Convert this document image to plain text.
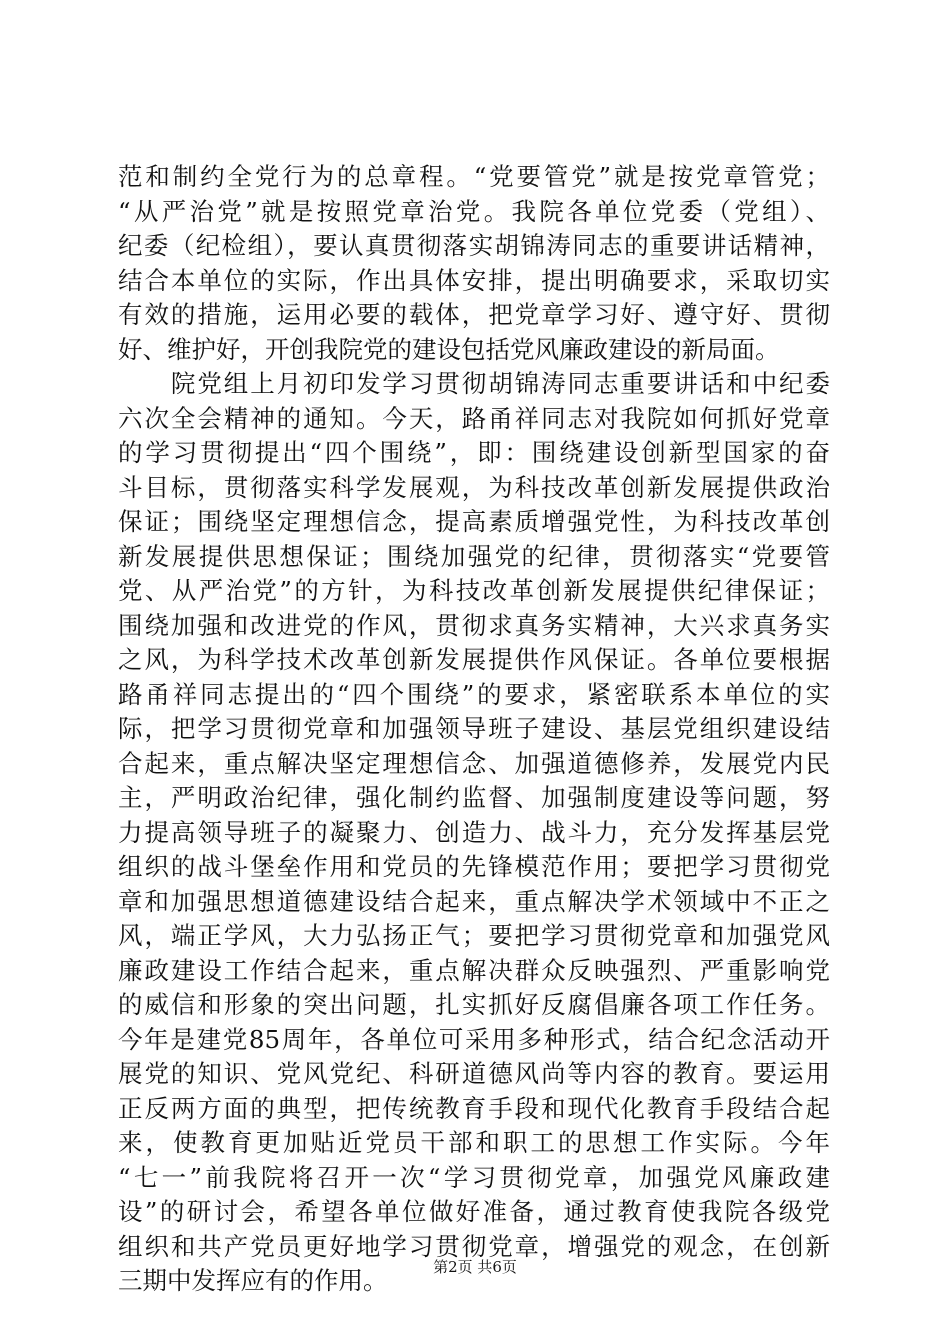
范和制约全党行为的总章程。“党要管党”就是按党章管党；
“从严治党”就是按照党章治党。我院各单位党委（党组）、
纪委（纪检组），要认真贯彻落实胡锦涛同志的重要讲话精神，
结合本单位的实际，作出具体安排，提出明确要求，采取切实
有效的措施，运用必要的载体，把党章学习好、遵守好、贯彻
好、维护好，开创我院党的建设包括党风廉政建设的新局面。
　　院党组上月初印发学习贯彻胡锦涛同志重要讲话和中纪委
六次全会精神的通知。今天，路甬祥同志对我院如何抓好党章
的学习贯彻提出“四个围绕”，即：围绕建设创新型国家的奋
斗目标，贯彻落实科学发展观，为科技改革创新发展提供政治
保证；围绕坚定理想信念，提高素质增强党性，为科技改革创
新发展提供思想保证；围绕加强党的纪律，贯彻落实“党要管
党、从严治党”的方针，为科技改革创新发展提供纪律保证；
围绕加强和改进党的作风，贯彻求真务实精神，大兴求真务实
之风，为科学技术改革创新发展提供作风保证。各单位要根据
路甬祥同志提出的“四个围绕”的要求，紧密联系本单位的实
际，把学习贯彻党章和加强领导班子建设、基层党组织建设结
合起来，重点解决坚定理想信念、加强道德修养，发展党内民
主，严明政治纪律，强化制约监督、加强制度建设等问题，努
力提高领导班子的凝聚力、创造力、战斗力，充分发挥基层党
组织的战斗堡垒作用和党员的先锋模范作用；要把学习贯彻党
章和加强思想道德建设结合起来，重点解决学术领域中不正之
风，端正学风，大力弘扬正气；要把学习贯彻党章和加强党风
廉政建设工作结合起来，重点解决群众反映强烈、严重影响党
的威信和形象的突出问题，扎实抓好反腐倡廉各项工作任务。
今年是建党85周年，各单位可采用多种形式，结合纪念活动开
展党的知识、党风党纪、科研道德风尚等内容的教育。要运用
正反两方面的典型，把传统教育手段和现代化教育手段结合起
来，使教育更加贴近党员干部和职工的思想工作实际。今年
“七一”前我院将召开一次“学习贯彻党章，加强党风廉政建
设”的研讨会，希望各单位做好准备，通过教育使我院各级党
组织和共产党员更好地学习贯彻党章，增强党的观念，在创新
三期中发挥应有的作用。	第2页 共6页
